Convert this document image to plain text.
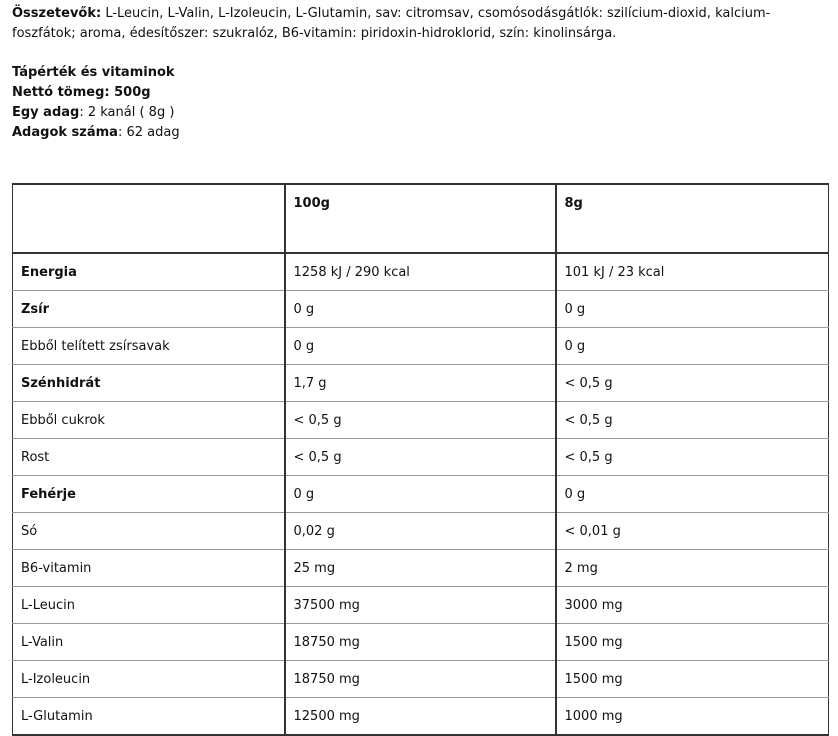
Összetevők: L-Leucin, L-Valin, L-Izoleucin, L-Glutamin, sav: citromsav, csomósodásgátlók: szilícium-dioxid, kalcium-foszfátok; aroma, édesítőszer: szukralóz, B6-vitamin: piridoxin-hidroklorid, szín: kinolinsárga.

Tápérték és vitaminok
Nettó tömeg: 500g
Egy adag: 2 kanál ( 8g )
Adagok száma: 62 adag
	100g	8g
Energia	1258 kJ / 290 kcal	101 kJ / 23 kcal
Zsír	0 g	0 g
Ebből telített zsírsavak	0 g	0 g
Szénhidrát	1,7 g	< 0,5 g
Ebből cukrok	< 0,5 g	< 0,5 g
Rost	< 0,5 g	< 0,5 g
Fehérje	0 g	0 g
Só	0,02 g	< 0,01 g
B6-vitamin	25 mg	2 mg
L-Leucin	37500 mg	3000 mg
L-Valin	18750 mg	1500 mg
L-Izoleucin	18750 mg	1500 mg
L-Glutamin	12500 mg	1000 mg
